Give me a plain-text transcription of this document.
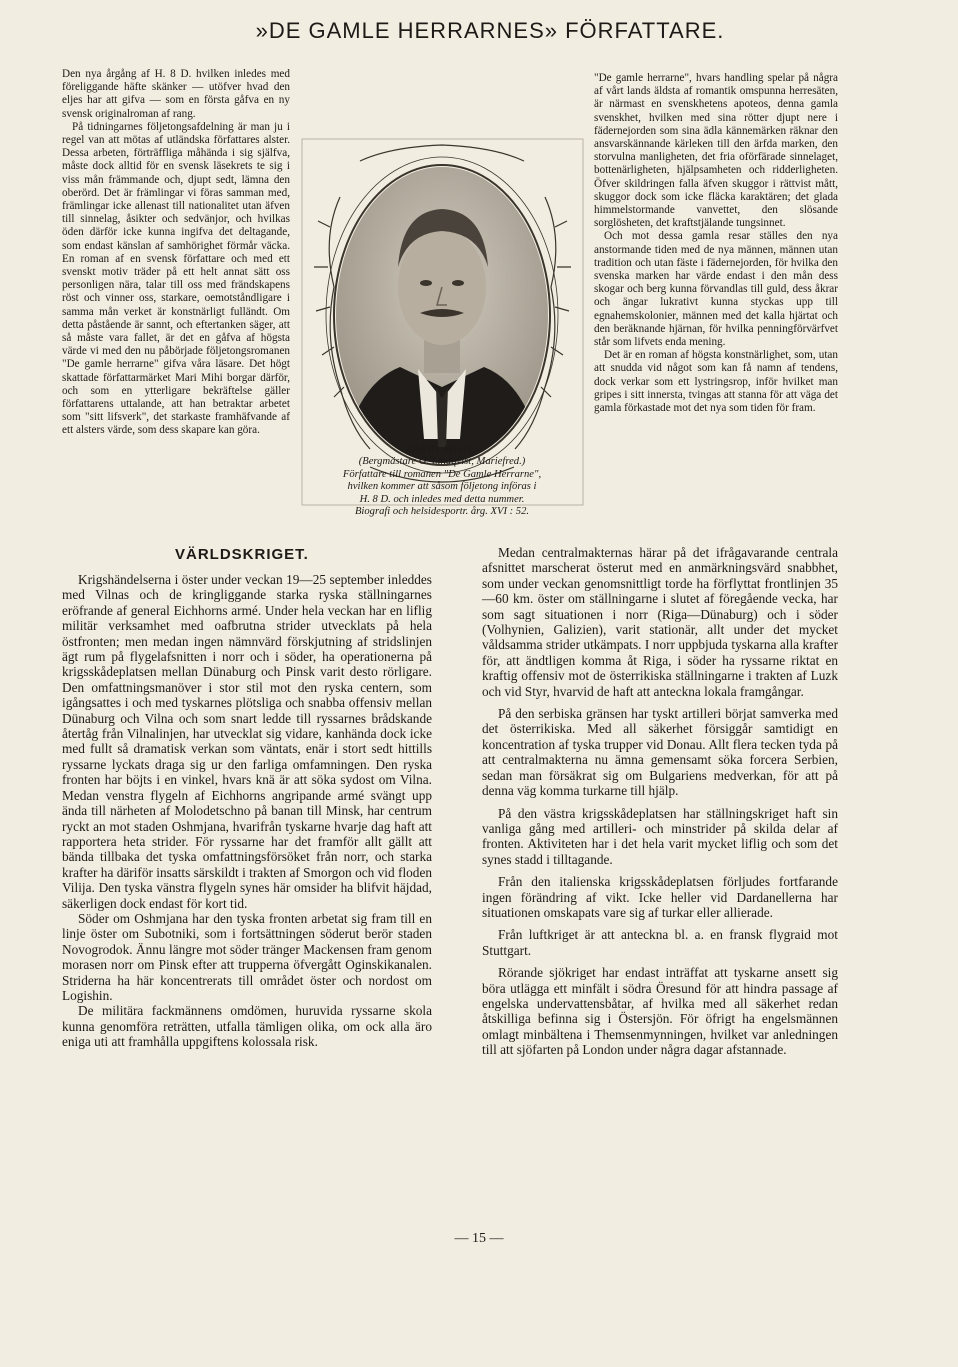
»DE GAMLE HERRARNES» FÖRFATTARE.

Den nya årgång af H. 8 D. hvilken inledes med föreliggande häfte skänker — utöfver hvad den eljes har att gifva — som en första gåfva en ny svensk originalroman af rang.

På tidningarnes följetongsafdelning är man ju i regel van att mötas af utländska författares alster. Dessa arbeten, förträffliga måhända i sig själfva, måste dock alltid för en svensk läsekrets te sig i viss mån främmande och, djupt sedt, lämna den oberörd. Det är främlingar vi föras samman med, främlingar icke allenast till nationalitet utan äfven till sinnelag, åsikter och sedvänjor, och hvilkas öden därför icke kunna ingifva det deltagande, som endast känslan af samhörighet förmår väcka. En roman af en svensk författare och med ett svenskt motiv träder på ett helt annat sätt oss personligen nära, talar till oss med frändskapens röst och vinner oss, starkare, oemotståndligare i samma mån verket är konstnärligt fulländt. Om detta påstående är sannt, och eftertanken säger, att så måste vara fallet, är det en gåfva af högsta värde vi med den nu påbörjade följetongsromanen "De gamle herrarne" gifva våra läsare. Det högt skattade författarmärket Mari Mihi borgar därför, och som en ytterligare bekräftelse gäller författarens uttalande, att han betraktar arbetet som "sitt lifsverk", det starkaste framhäfvande af ett alsters värde, som dess skapare kan göra.

MARI MIHI,
(Bergmästare G. Lindqvist, Mariefred.)
Författare till romanen "De Gamle Herrarne",
hvilken kommer att såsom följetong införas i
H. 8 D. och inledes med detta nummer.
Biografi och helsidesportr. årg. XVI : 52.

"De gamle herrarne", hvars handling spelar på några af vårt lands äldsta af romantik omspunna herresäten, är närmast en svenskhetens apoteos, denna gamla svenskhet, hvilken med sina rötter djupt nere i fädernejorden som sina ädla kännemärken räknar den ansvarskännande kärleken till den ärfda marken, den storvulna manligheten, det fria oförfärade sinnelaget, bottenärligheten, hjälpsamheten och ridderligheten. Öfver skildringen falla äfven skuggor i rättvist mått, skuggor dock som icke fläcka karaktären; det glada himmelstormande vanvettet, den slösande sorglösheten, det kraftstjälande tungsinnet.

Och mot dessa gamla resar ställes den nya anstormande tiden med de nya männen, männen utan tradition och utan fäste i fädernejorden, för hvilka den svenska marken har värde endast i den mån dess skogar och berg kunna förvandlas till guld, dess åkrar och ängar lukrativt kunna styckas upp till egnahemskolonier, männen med det kalla hjärtat och den beräknande hjärnan, för hvilka penningförvärfvet står som lifvets enda mening.

Det är en roman af högsta konstnärlighet, som, utan att snudda vid något som kan få namn af tendens, dock verkar som ett lystringsrop, inför hvilket man gripes i sitt innersta, tvingas att stanna för att väga det gamla förkastade mot det nya som tiden för fram.

VÄRLDSKRIGET.

Krigshändelserna i öster under veckan 19—25 september inleddes med Vilnas och de kringliggande starka ryska ställningarnes eröfrande af general Eichhorns armé. Under hela veckan har en liflig militär verksamhet med oafbrutna strider utvecklats på hela östfronten; men medan ingen nämnvärd förskjutning af stridslinjen ägt rum på flygelafsnitten i norr och i söder, ha operationerna på krigsskådeplatsen mellan Dünaburg och Pinsk varit desto rörligare. Den omfattningsmanöver i stor stil mot den ryska centern, som igångsattes i och med tyskarnes plötsliga och snabba offensiv mellan Dünaburg och Vilna och som snart ledde till ryssarnes brådskande återtåg från Vilnalinjen, har utvecklat sig vidare, kanhända dock icke med fullt så dramatisk verkan som väntats, enär i stort sedt hittills ryssarne lyckats draga sig ur den farliga omfamningen. Den ryska fronten har böjts i en vinkel, hvars knä är att söka sydost om Vilna. Medan venstra flygeln af Eichhorns angripande armé svängt upp ända till närheten af Molodetschno på banan till Minsk, har centrum ryckt an mot staden Oshmjana, hvarifrån tyskarne hvarje dag haft att rapportera heta strider. För ryssarne har det framför allt gällt att bända tillbaka det tyska omfattningsförsöket från norr, och starka krafter ha däriför insatts särskildt i trakten af Smorgon och vid floden Vilija. Den tyska vänstra flygeln synes här omsider ha blifvit häjdad, säkerligen dock endast för kort tid.

Söder om Oshmjana har den tyska fronten arbetat sig fram till en linje öster om Subotniki, som i fortsättningen söderut berör staden Novogrodok. Ännu längre mot söder tränger Mackensen fram genom morasen norr om Pinsk efter att trupperna öfvergått Oginskikanalen. Striderna ha här koncentrerats till området öster och nordost om Logishin.

De militära fackmännens omdömen, huruvida ryssarne skola kunna genomföra reträtten, utfalla tämligen olika, om ock alla äro eniga uti att framhålla uppgiftens kolossala risk.

Medan centralmakternas härar på det ifrågavarande centrala afsnittet marscherat österut med en anmärkningsvärd snabbhet, som under veckan genomsnittligt torde ha förflyttat frontlinjen 35—60 km. öster om ställningarne i slutet af föregående vecka, har som sagt situationen i norr (Riga—Dünaburg) och i söder (Volhynien, Galizien), varit stationär, allt under det mycket våldsamma strider utkämpats. I norr uppbjuda tyskarna alla krafter för, att ändtligen komma åt Riga, i söder ha ryssarne riktat en kraftig offensiv mot de österrikiska ställningarne i trakten af Luzk och vid Styr, hvarvid de haft att anteckna lokala framgångar.

På den serbiska gränsen har tyskt artilleri börjat samverka med det österrikiska. Med all säkerhet försiggår samtidigt en koncentration af tyska trupper vid Donau. Allt flera tecken tyda på att centralmakterna nu ämna gemensamt söka forcera Serbien, sedan man försäkrat sig om Bulgariens medverkan, för att på denna väg komma turkarne till hjälp.

På den västra krigsskådeplatsen har ställningskriget haft sin vanliga gång med artilleri- och minstrider på skilda delar af fronten. Aktiviteten har i det hela varit mycket liflig och som det synes stadd i tilltagande.

Från den italienska krigsskådeplatsen förljudes fortfarande ingen förändring af vikt. Icke heller vid Dardanellerna har situationen omskapats vare sig af turkar eller allierade.

Från luftkriget är att anteckna bl. a. en fransk flygraid mot Stuttgart.

Rörande sjökriget har endast inträffat att tyskarne ansett sig böra utlägga ett minfält i södra Öresund för att hindra passage af engelska undervattensbåtar, af hvilka med all säkerhet redan åtskilliga befinna sig i Östersjön. För öfrigt ha engelsmännen omlagt minbältena i Themsenmynningen, hvilket var anledningen till att sjöfarten på London under några dagar afstannade.

— 15 —
